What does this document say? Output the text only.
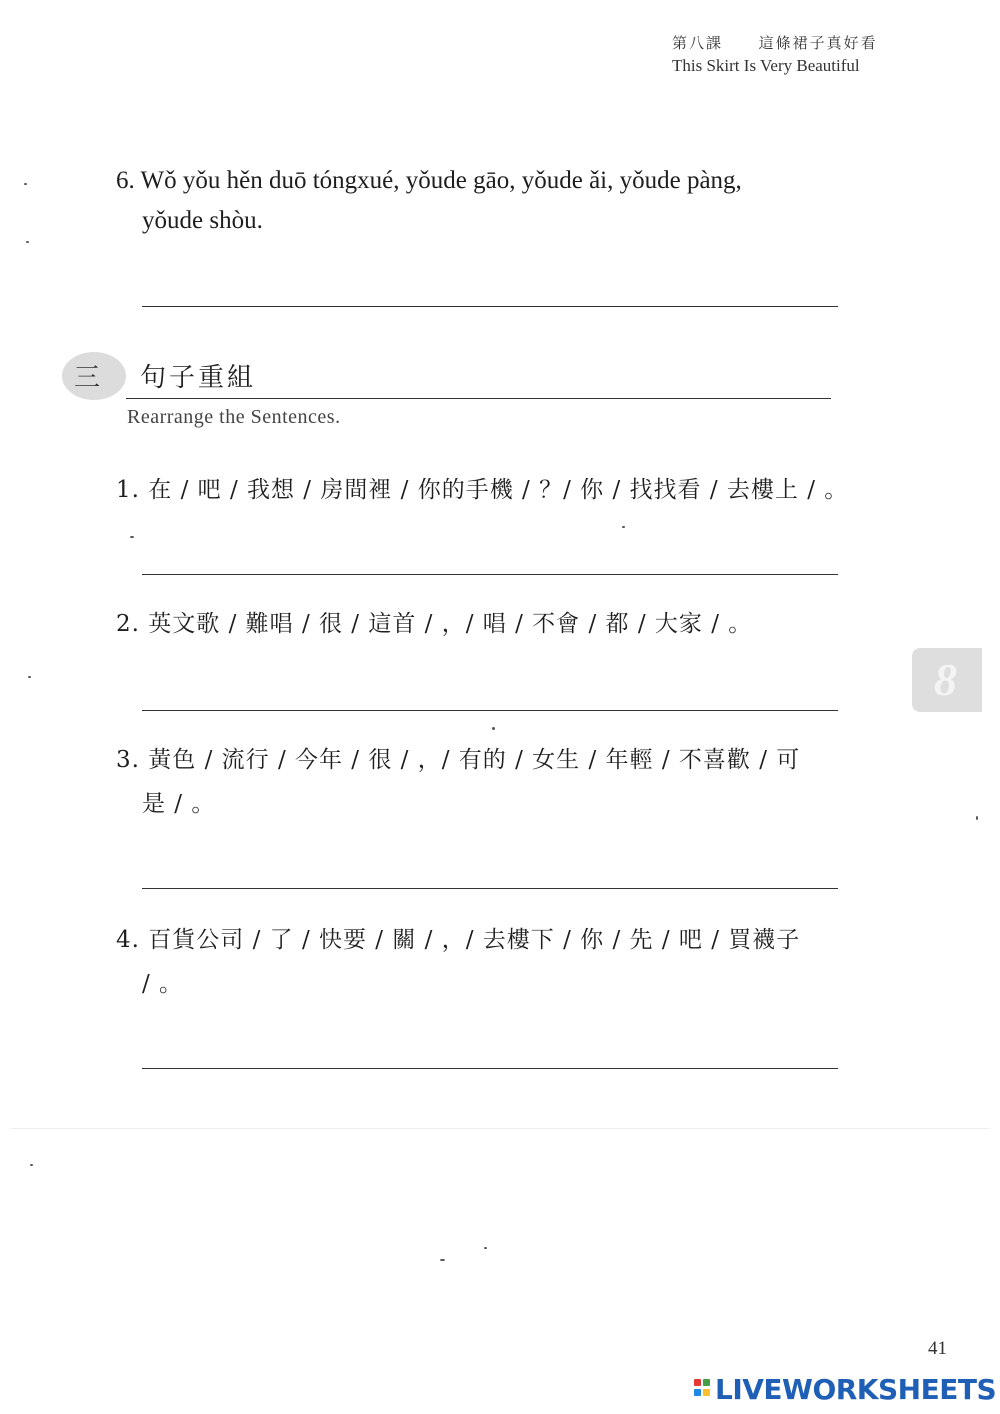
第八課 這條裙子真好看
This Skirt Is Very Beautiful
6. Wǒ yǒu hěn duō tóngxué, yǒude gāo, yǒude ǎi, yǒude pàng,
yǒude shòu.
三 句子重組
Rearrange the Sentences.
1. 在 / 吧 / 我想 / 房間裡 / 你的手機 / ？/ 你 / 找找看 / 去樓上 / 。
2. 英文歌 / 難唱 / 很 / 這首 / ，/ 唱 / 不會 / 都 / 大家 / 。
3. 黃色 / 流行 / 今年 / 很 / ，/ 有的 / 女生 / 年輕 / 不喜歡 / 可
是 / 。
4. 百貨公司 / 了 / 快要 / 關 / ，/ 去樓下 / 你 / 先 / 吧 / 買襪子
/ 。
8
41
LIVEWORKSHEETS
